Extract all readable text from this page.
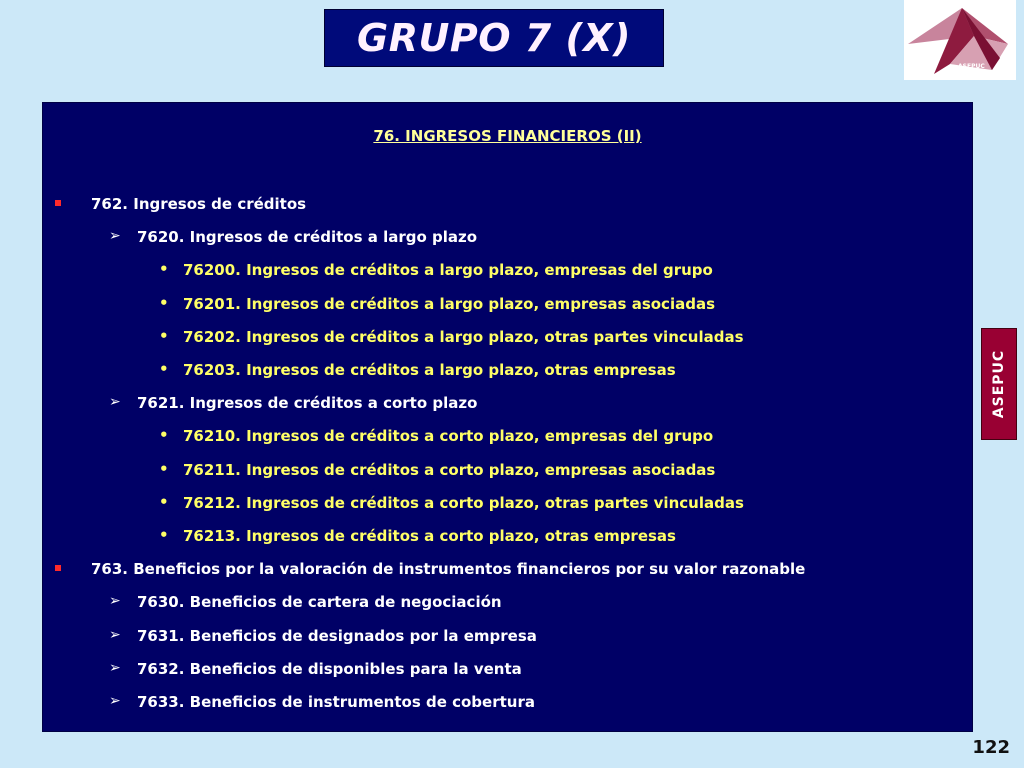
GRUPO 7 (X)
ASEPUC
76. INGRESOS FINANCIEROS (II)
762. Ingresos de créditos
➢ 7620. Ingresos de créditos a largo plazo
• 76200. Ingresos de créditos a largo plazo, empresas del grupo
• 76201. Ingresos de créditos a largo plazo, empresas asociadas
• 76202. Ingresos de créditos a largo plazo, otras partes vinculadas
• 76203. Ingresos de créditos a largo plazo, otras empresas
➢ 7621. Ingresos de créditos a corto plazo
• 76210. Ingresos de créditos a corto plazo, empresas del grupo
• 76211. Ingresos de créditos a corto plazo, empresas asociadas
• 76212. Ingresos de créditos a corto plazo, otras partes vinculadas
• 76213. Ingresos de créditos a corto plazo, otras empresas
763. Beneficios por la valoración de instrumentos financieros por su valor razonable
➢ 7630. Beneficios de cartera de negociación
➢ 7631. Beneficios de designados por la empresa
➢ 7632. Beneficios de disponibles para la venta
➢ 7633. Beneficios de instrumentos de cobertura
ASEPUC
122
